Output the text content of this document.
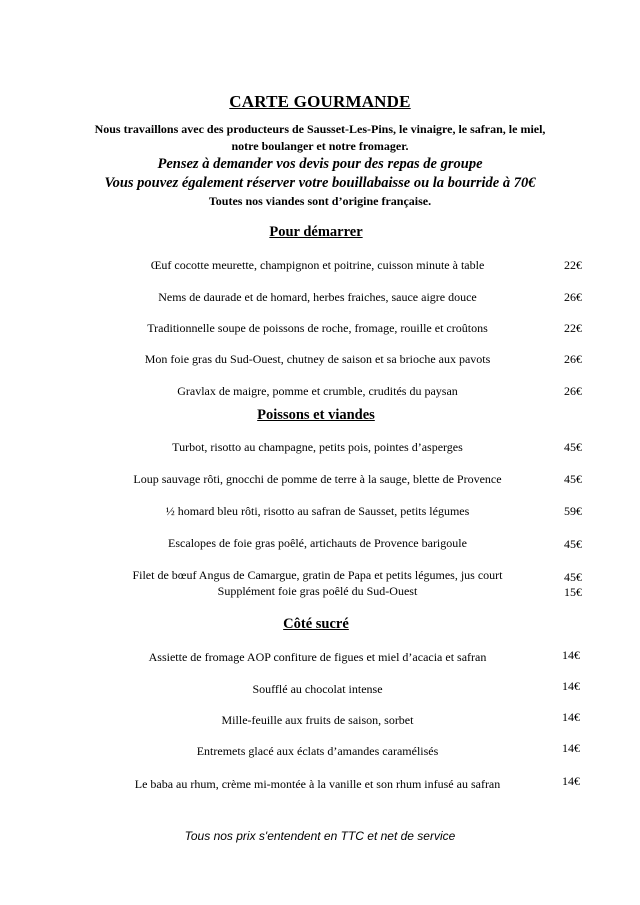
CARTE GOURMANDE
Nous travaillons avec des producteurs de Sausset-Les-Pins, le vinaigre, le safran, le miel, notre boulanger et notre fromager.
Pensez à demander vos devis pour des repas de groupe
Vous pouvez également réserver votre bouillabaisse ou la bourride à 70€
Toutes nos viandes sont d’origine française.
Pour démarrer
Œuf cocotte meurette, champignon et poitrine, cuisson minute à table	22€
Nems de daurade et de homard, herbes fraiches, sauce aigre douce	26€
Traditionnelle soupe de poissons de roche, fromage, rouille et croûtons	22€
Mon foie gras du Sud-Ouest, chutney de saison et sa brioche aux pavots	26€
Gravlax de maigre, pomme et crumble, crudités du paysan	26€
Poissons et viandes
Turbot, risotto au champagne, petits pois, pointes d’asperges	45€
Loup sauvage rôti, gnocchi de pomme de terre à la sauge, blette de Provence	45€
½ homard bleu rôti, risotto au safran de Sausset, petits légumes	59€
Escalopes de foie gras poêlé, artichauts de Provence barigoule	45€
Filet de bœuf Angus de Camargue, gratin de Papa et petits légumes, jus court	45€
Supplément foie gras poêlé du Sud-Ouest	15€
Côté sucré
Assiette de fromage AOP confiture de figues et miel d’acacia et safran	14€
Soufflé au chocolat intense	14€
Mille-feuille aux fruits de saison, sorbet	14€
Entremets glacé aux éclats d’amandes caramélisés	14€
Le baba au rhum, crème mi-montée à la vanille et son rhum infusé au safran	14€
Tous nos prix s'entendent en TTC et net de service
